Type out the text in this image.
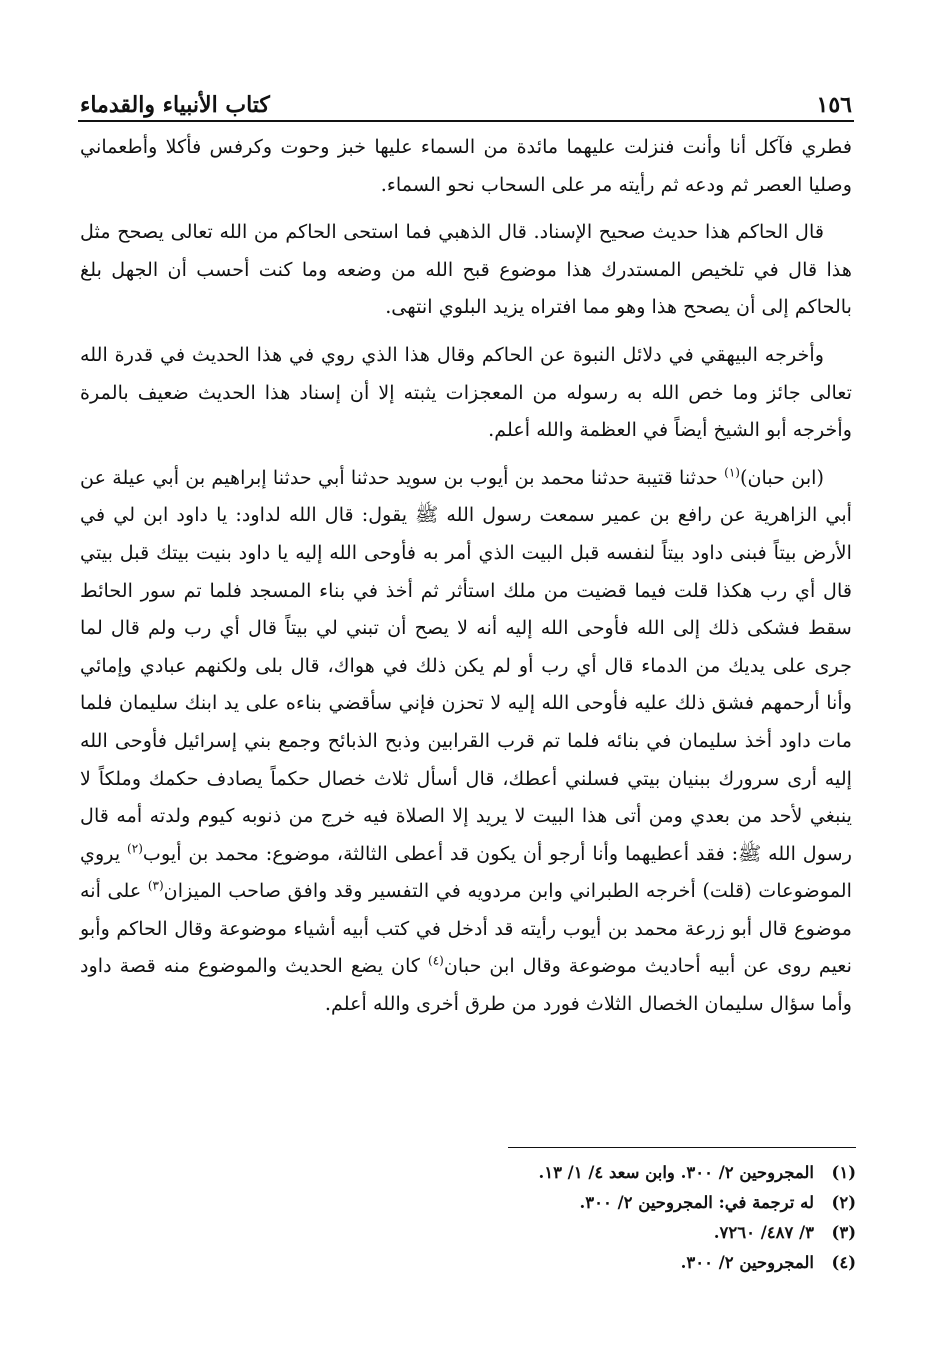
١٥٦
كتاب الأنبياء والقدماء

فطري فآكل أنا وأنت فنزلت عليهما مائدة من السماء عليها خبز وحوت وكرفس فأكلا وأطعماني وصليا العصر ثم ودعه ثم رأيته مر على السحاب نحو السماء.

قال الحاكم هذا حديث صحيح الإسناد. قال الذهبي فما استحى الحاكم من الله تعالى يصحح مثل هذا قال في تلخيص المستدرك هذا موضوع قبح الله من وضعه وما كنت أحسب أن الجهل بلغ بالحاكم إلى أن يصحح هذا وهو مما افتراه يزيد البلوي انتهى.

وأخرجه البيهقي في دلائل النبوة عن الحاكم وقال هذا الذي روي في هذا الحديث في قدرة الله تعالى جائز وما خص الله به رسوله من المعجزات يثبته إلا أن إسناد هذا الحديث ضعيف بالمرة وأخرجه أبو الشيخ أيضاً في العظمة والله أعلم.

(ابن حبان)$^{(١)}$ حدثنا قتيبة حدثنا محمد بن أيوب بن سويد حدثنا أبي حدثنا إبراهيم بن أبي عيلة عن أبي الزاهرية عن رافع بن عمير سمعت رسول الله ﷺ يقول: قال الله لداود: يا داود ابن لي في الأرض بيتاً فبنى داود بيتاً لنفسه قبل البيت الذي أمر به فأوحى الله إليه يا داود بنيت بيتك قبل بيتي قال أي رب هكذا قلت فيما قضيت من ملك استأثر ثم أخذ في بناء المسجد فلما تم سور الحائط سقط فشكى ذلك إلى الله فأوحى الله إليه أنه لا يصح أن تبني لي بيتاً قال أي رب ولم قال لما جرى على يديك من الدماء قال أي رب أو لم يكن ذلك في هواك، قال بلى ولكنهم عبادي وإمائي وأنا أرحمهم فشق ذلك عليه فأوحى الله إليه لا تحزن فإني سأقضي بناءه على يد ابنك سليمان فلما مات داود أخذ سليمان في بنائه فلما تم قرب القرابين وذبح الذبائح وجمع بني إسرائيل فأوحى الله إليه أرى سرورك ببنيان بيتي فسلني أعطك، قال أسأل ثلاث خصال حكماً يصادف حكمك وملكاً لا ينبغي لأحد من بعدي ومن أتى هذا البيت لا يريد إلا الصلاة فيه خرج من ذنوبه كيوم ولدته أمه قال رسول الله ﷺ: فقد أعطيهما وأنا أرجو أن يكون قد أعطى الثالثة، موضوع: محمد بن أيوب$^{(٢)}$ يروي الموضوعات (قلت) أخرجه الطبراني وابن مردويه في التفسير وقد وافق صاحب الميزان$^{(٣)}$ على أنه موضوع قال أبو زرعة محمد بن أيوب رأيته قد أدخل في كتب أبيه أشياء موضوعة وقال الحاكم وأبو نعيم روى عن أبيه أحاديث موضوعة وقال ابن حبان$^{(٤)}$ كان يضع الحديث والموضوع منه قصة داود وأما سؤال سليمان الخصال الثلاث فورد من طرق أخرى والله أعلم.

(١)
المجروحين ٢/ ٣٠٠. وابن سعد ٤/ ١/ ١٣.
(٢)
له ترجمة في: المجروحين ٢/ ٣٠٠.
(٣)
٣/ ٤٨٧/ ٧٢٦٠.
(٤)
المجروحين ٢/ ٣٠٠.
